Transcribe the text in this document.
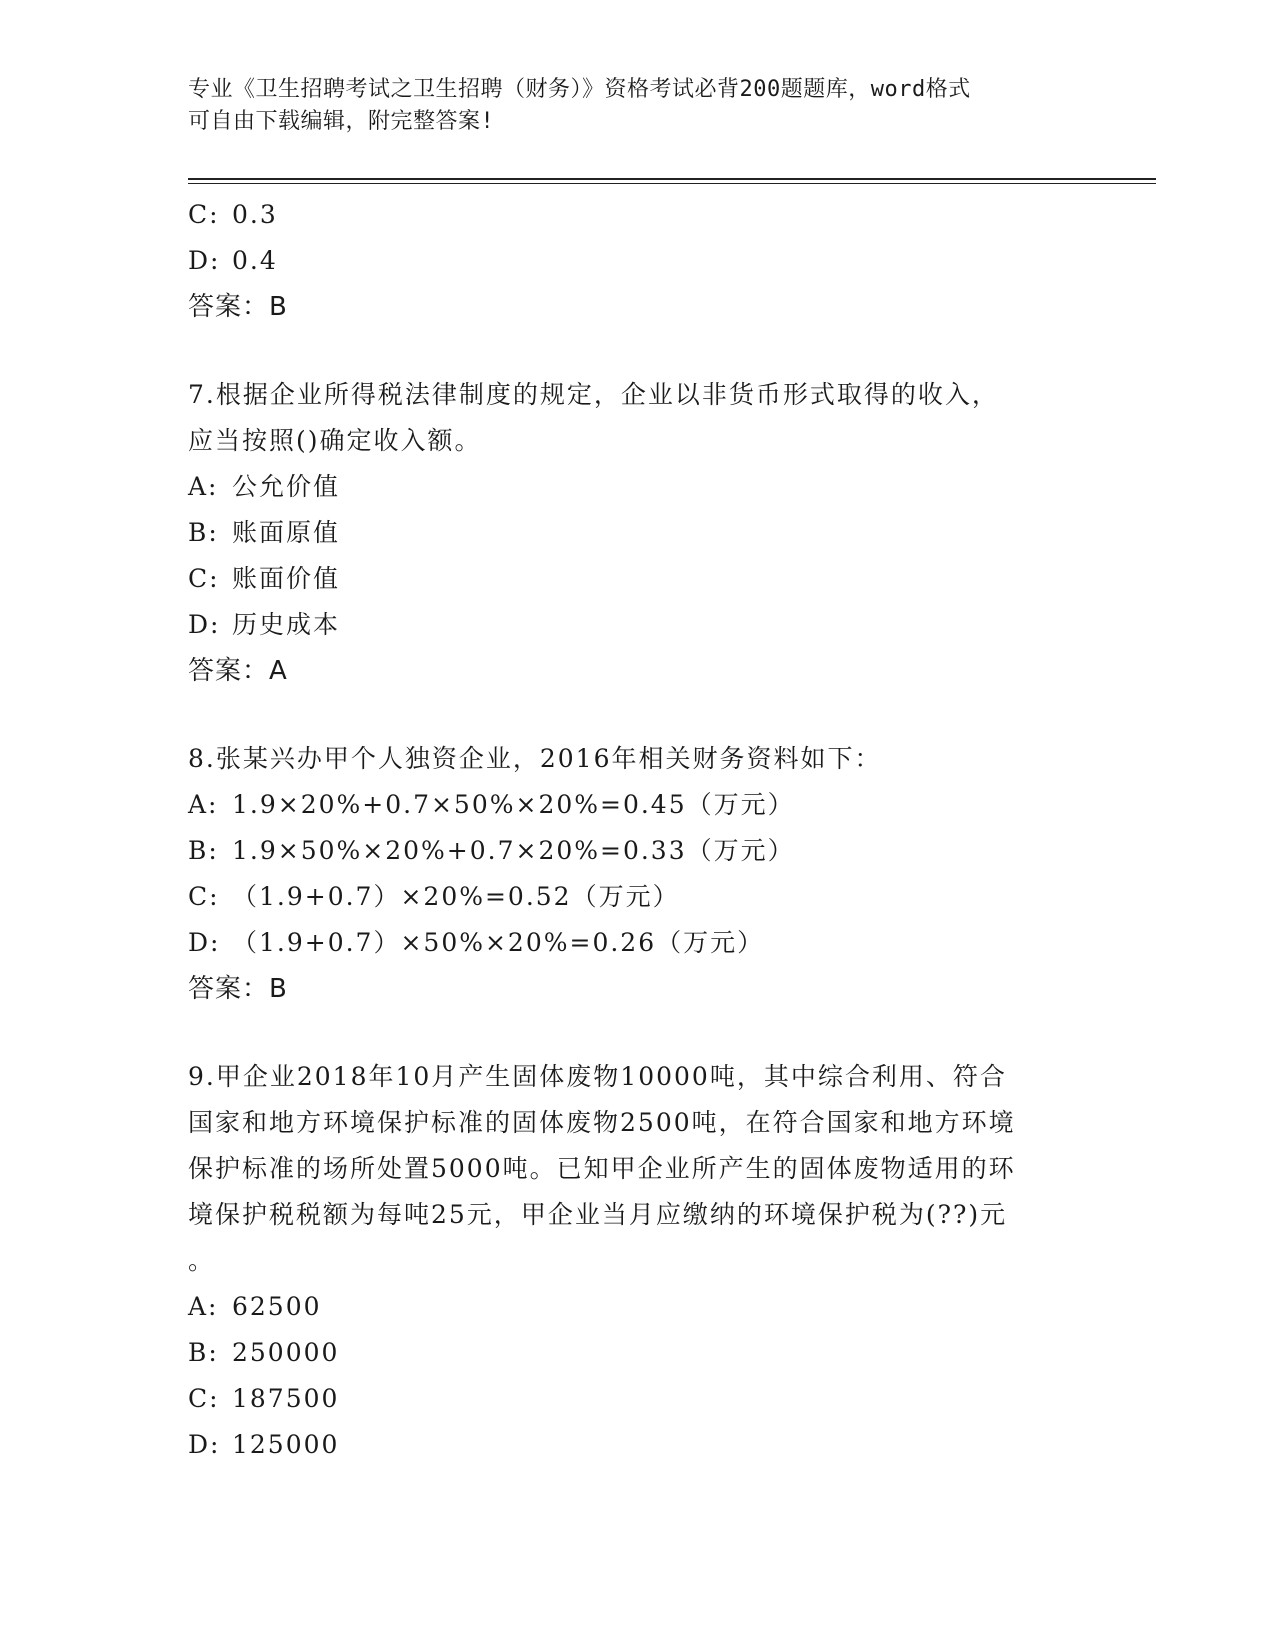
专业《卫生招聘考试之卫生招聘（财务）》资格考试必背200题题库，word格式
可自由下载编辑，附完整答案!
C: 0.3
D: 0.4
答案：B
7.根据企业所得税法律制度的规定，企业以非货币形式取得的收入，
应当按照()确定收入额。
A: 公允价值
B: 账面原值
C: 账面价值
D: 历史成本
答案：A
8.张某兴办甲个人独资企业，2016年相关财务资料如下：
A: 1.9×20%+0.7×50%×20%=0.45（万元）
B: 1.9×50%×20%+0.7×20%=0.33（万元）
C: （1.9+0.7）×20%=0.52（万元）
D: （1.9+0.7）×50%×20%=0.26（万元）
答案：B
9.甲企业2018年10月产生固体废物10000吨，其中综合利用、符合
国家和地方环境保护标准的固体废物2500吨，在符合国家和地方环境
保护标准的场所处置5000吨。已知甲企业所产生的固体废物适用的环
境保护税税额为每吨25元，甲企业当月应缴纳的环境保护税为(??)元
。
A: 62500
B: 250000
C: 187500
D: 125000
